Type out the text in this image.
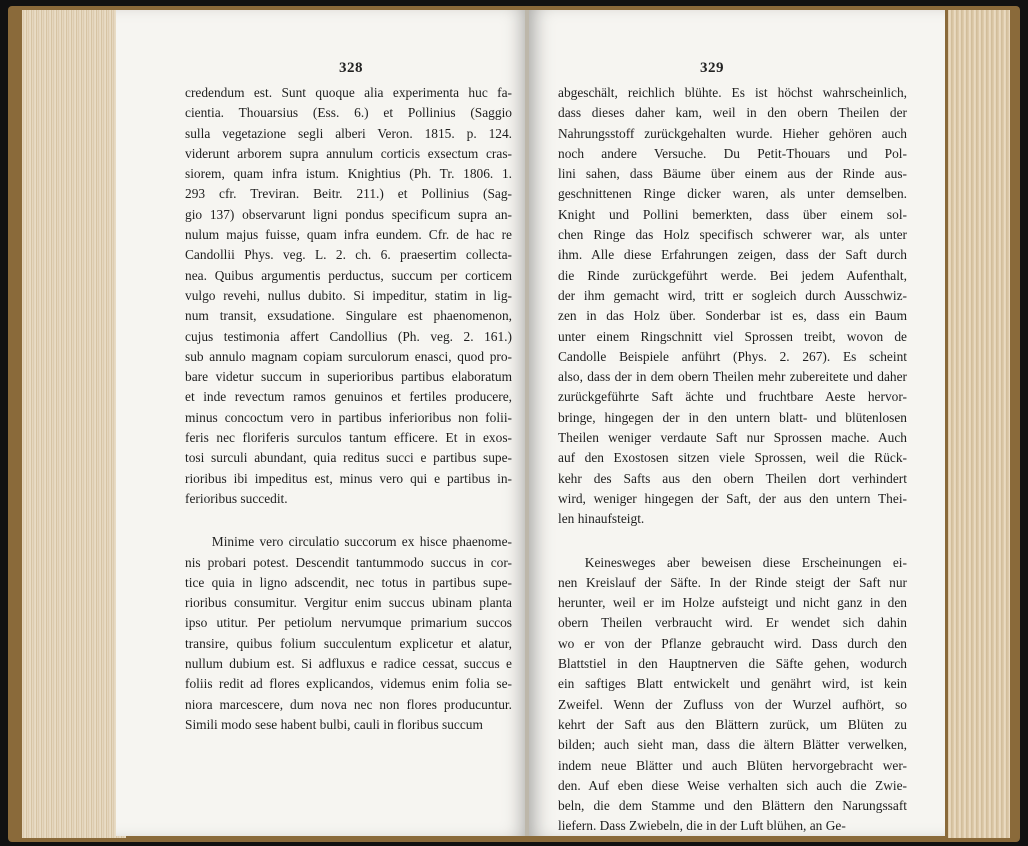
328
credendum est. Sunt quoque alia experimenta huc fa-
cientia. Thouarsius (Ess. 6.) et Pollinius (Saggio
sulla vegetazione segli alberi Veron. 1815. p. 124.
viderunt arborem supra annulum corticis exsectum cras-
siorem, quam infra istum. Knightius (Ph. Tr. 1806. 1.
293 cfr. Treviran. Beitr. 211.) et Pollinius (Sag-
gio 137) observarunt ligni pondus specificum supra an-
nulum majus fuisse, quam infra eundem. Cfr. de hac re
Candollii Phys. veg. L. 2. ch. 6. praesertim collecta-
nea. Quibus argumentis perductus, succum per corticem
vulgo revehi, nullus dubito. Si impeditur, statim in lig-
num transit, exsudatione. Singulare est phaenomenon,
cujus testimonia affert Candollius (Ph. veg. 2. 161.)
sub annulo magnam copiam surculorum enasci, quod pro-
bare videtur succum in superioribus partibus elaboratum
et inde revectum ramos genuinos et fertiles producere,
minus concoctum vero in partibus inferioribus non folii-
feris nec floriferis surculos tantum efficere. Et in exos-
tosi surculi abundant, quia reditus succi e partibus supe-
rioribus ibi impeditus est, minus vero qui e partibus in-
ferioribus succedit.
Minime vero circulatio succorum ex hisce phaenome-
nis probari potest. Descendit tantummodo succus in cor-
tice quia in ligno adscendit, nec totus in partibus supe-
rioribus consumitur. Vergitur enim succus ubinam planta
ipso utitur. Per petiolum nervumque primarium succos
transire, quibus folium succulentum explicetur et alatur,
nullum dubium est. Si adfluxus e radice cessat, succus e
foliis redit ad flores explicandos, videmus enim folia se-
niora marcescere, dum nova nec non flores producuntur.
Simili modo sese habent bulbi, cauli in floribus succum
329
abgeschält, reichlich blühte. Es ist höchst wahrscheinlich,
dass dieses daher kam, weil in den obern Theilen der
Nahrungsstoff zurückgehalten wurde. Hieher gehören auch
noch andere Versuche. Du Petit-Thouars und Pol-
lini sahen, dass Bäume über einem aus der Rinde aus-
geschnittenen Ringe dicker waren, als unter demselben.
Knight und Pollini bemerkten, dass über einem sol-
chen Ringe das Holz specifisch schwerer war, als unter
ihm. Alle diese Erfahrungen zeigen, dass der Saft durch
die Rinde zurückgeführt werde. Bei jedem Aufenthalt,
der ihm gemacht wird, tritt er sogleich durch Ausschwiz-
zen in das Holz über. Sonderbar ist es, dass ein Baum
unter einem Ringschnitt viel Sprossen treibt, wovon de
Candolle Beispiele anführt (Phys. 2. 267). Es scheint
also, dass der in dem obern Theilen mehr zubereitete und daher
zurückgeführte Saft ächte und fruchtbare Aeste hervor-
bringe, hingegen der in den untern blatt- und blütenlosen
Theilen weniger verdaute Saft nur Sprossen mache. Auch
auf den Exostosen sitzen viele Sprossen, weil die Rück-
kehr des Safts aus den obern Theilen dort verhindert
wird, weniger hingegen der Saft, der aus den untern Thei-
len hinaufsteigt.
Keinesweges aber beweisen diese Erscheinungen ei-
nen Kreislauf der Säfte. In der Rinde steigt der Saft nur
herunter, weil er im Holze aufsteigt und nicht ganz in den
obern Theilen verbraucht wird. Er wendet sich dahin
wo er von der Pflanze gebraucht wird. Dass durch den
Blattstiel in den Hauptnerven die Säfte gehen, wodurch
ein saftiges Blatt entwickelt und genährt wird, ist kein
Zweifel. Wenn der Zufluss von der Wurzel aufhört, so
kehrt der Saft aus den Blättern zurück, um Blüten zu
bilden; auch sieht man, dass die ältern Blätter verwelken,
indem neue Blätter und auch Blüten hervorgebracht wer-
den. Auf eben diese Weise verhalten sich auch die Zwie-
beln, die dem Stamme und den Blättern den Narungssaft
liefern. Dass Zwiebeln, die in der Luft blühen, an Ge-
